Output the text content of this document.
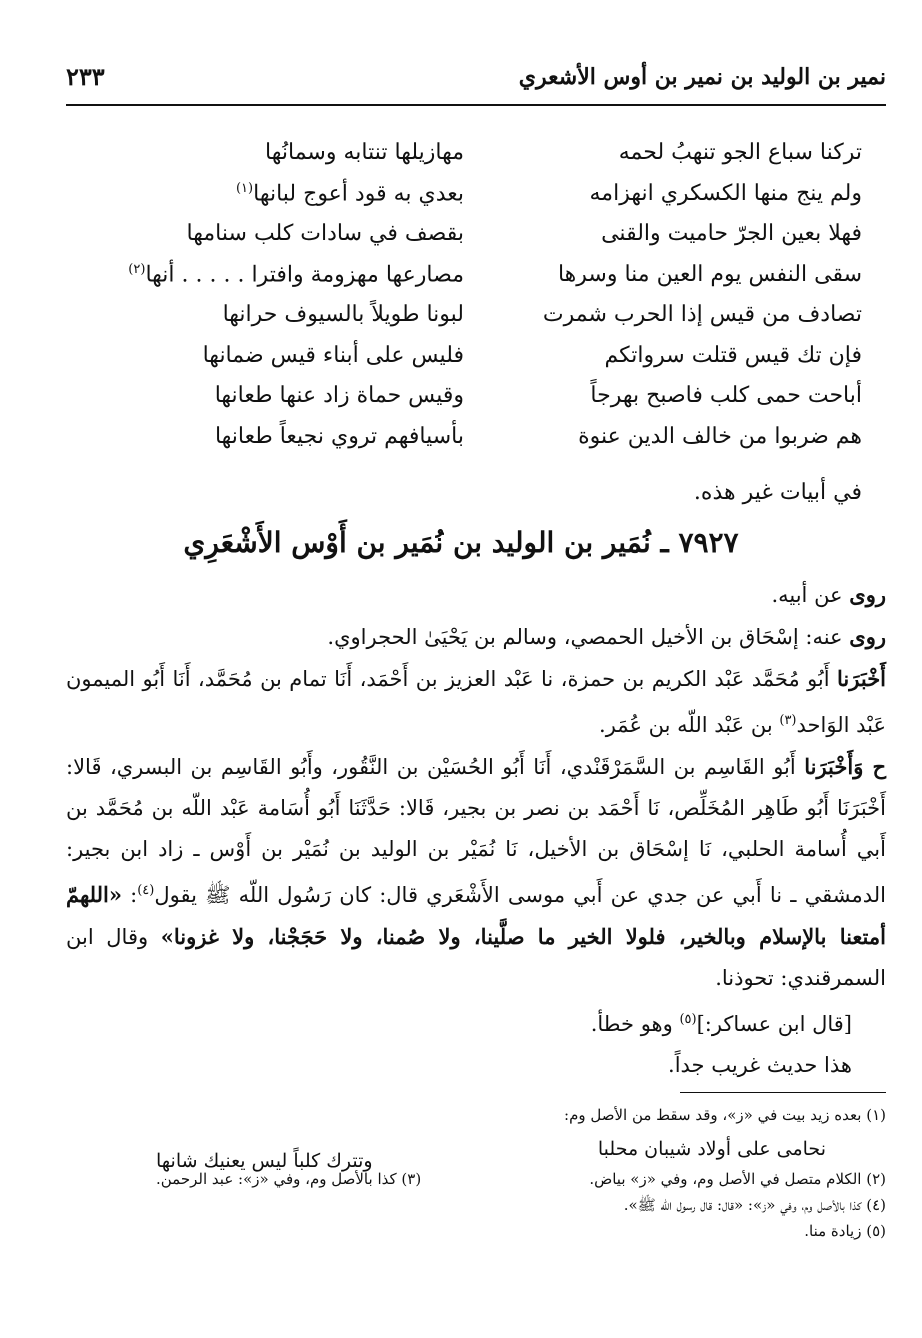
نمير بن الوليد بن نمير بن أوس الأشعري
٢٣٣
تركنا سباع الجو تنهبُ لحمه
مهازيلها تنتابه وسمانُها
ولم ينج منها الكسكري انهزامه
بعدي به قود أعوج لبانها$^{(١)}$
فهلا بعين الجرّ حاميت والقنى
بقصف في سادات كلب سنامها
سقى النفس يوم العين منا وسرها
مصارعها مهزومة وافترا . . . . . أنها$^{(٢)}$
تصادف من قيس إذا الحرب شمرت
لبونا طويلاً بالسيوف حرانها
فإن تك قيس قتلت سرواتكم
فليس على أبناء قيس ضمانها
أباحت حمى كلب فاصبح بهرجاً
وقيس حماة زاد عنها طعانها
هم ضربوا من خالف الدين عنوة
بأسيافهم تروي نجيعاً طعانها
في أبيات غير هذه.
٧٩٢٧ ـ نُمَير بن الوليد بن نُمَير بن أَوْس الأَشْعَرِي

روى عن أبيه.

روى عنه: إسْحَاق بن الأخيل الحمصي، وسالم بن يَحْيَىٰ الحجراوي.

أَخْبَرَنا أَبُو مُحَمَّد عَبْد الكريم بن حمزة، نا عَبْد العزيز بن أَحْمَد، أَنَا تمام بن مُحَمَّد، أَنَا أَبُو الميمون عَبْد الوَاحد$^{(٣)}$ بن عَبْد اللّه بن عُمَر.

ح وَأَخْبَرَنا أَبُو القَاسِم بن السَّمَرْقَنْدي، أَنَا أَبُو الحُسَيْن بن النَّقُور، وأَبُو القَاسِم بن البسري، قَالا: أَخْبَرَنَا أَبُو طَاهِر المُخَلِّص، نَا أَحْمَد بن نصر بن بجير، قَالا: حَدَّثَنَا أَبُو أُسَامة عَبْد اللّه بن مُحَمَّد بن أَبي أُسامة الحلبي، نَا إسْحَاق بن الأخيل، نَا نُمَيْر بن الوليد بن نُمَيْر بن أَوْس ـ زاد ابن بجير: الدمشقي ـ نا أَبي عن جدي عن أَبي موسى الأَشْعَري قال: كان رَسُول اللّه ﷺ يقول$^{(٤)}$: «اللهمّ أمتعنا بالإسلام وبالخير، فلولا الخير ما صلَّينا، ولا صُمنا، ولا حَجَجْنا، ولا غزونا» وقال ابن السمرقندي: تحوذنا.

[قال ابن عساكر:]$^{(٥)}$ وهو خطأ.

هذا حديث غريب جداً.

(١) بعده زيد بيت في «ز»، وقد سقط من الأصل وم:
نحامى على أولاد شيبان محلبا
وتترك كلباً ليس يعنيك شانها
(٢) الكلام متصل في الأصل وم، وفي «ز» بياض.
(٣) كذا بالأصل وم، وفي «ز»: عبد الرحمن.
(٤) كذا بالأصل وم، وفي «ز»: «قال: قال رسول الله ﷺ».
(٥) زيادة منا.
